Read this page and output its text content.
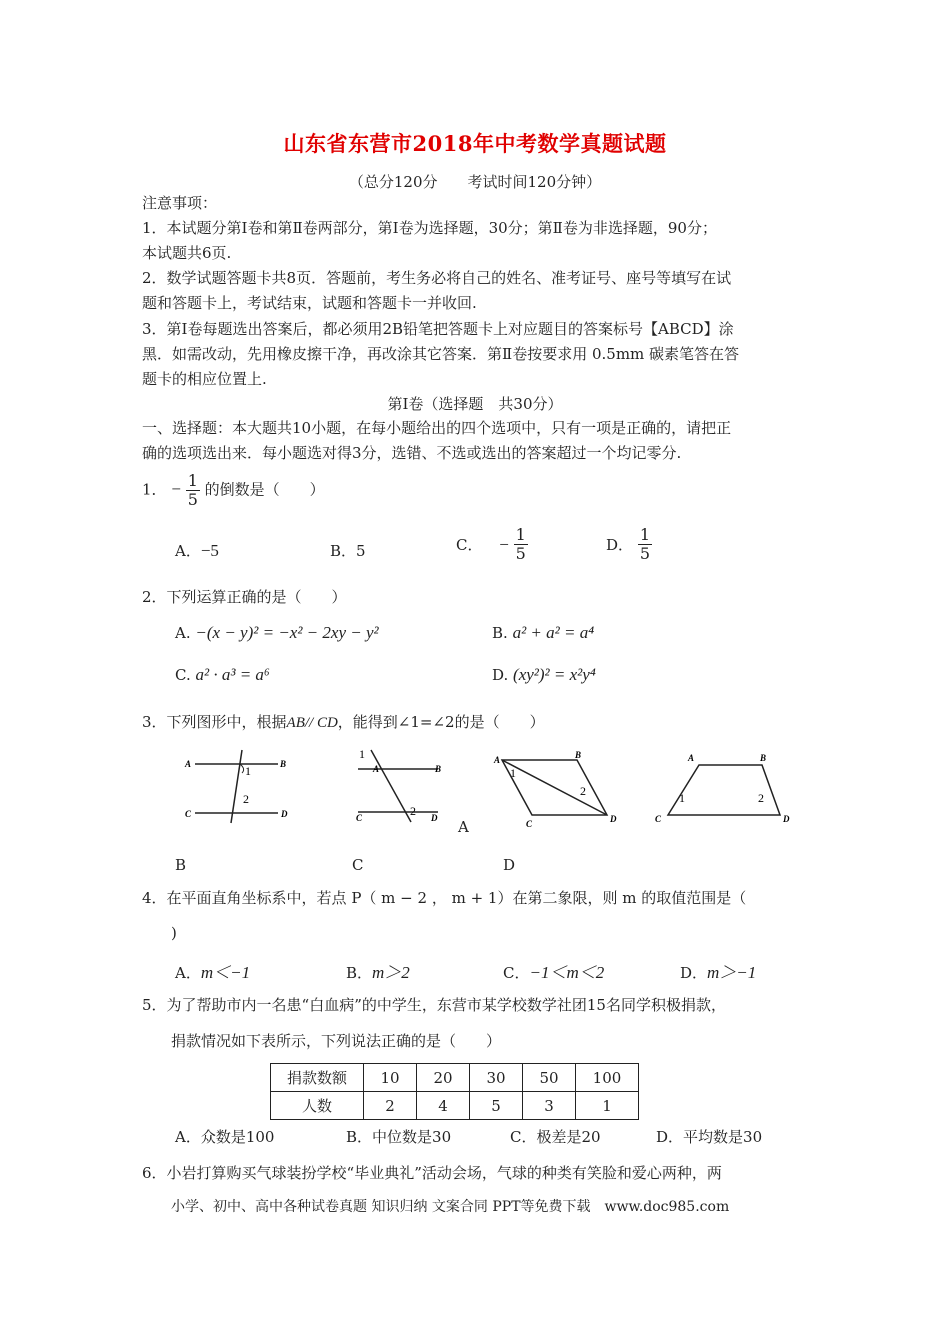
山东省东营市2018年中考数学真题试题
（总分120分　　考试时间120分钟）
注意事项：
1．本试题分第Ⅰ卷和第Ⅱ卷两部分，第Ⅰ卷为选择题，30分；第Ⅱ卷为非选择题，90分；
本试题共6页.
2．数学试题答题卡共8页．答题前，考生务必将自己的姓名、准考证号、座号等填写在试
题和答题卡上，考试结束，试题和答题卡一并收回.
3．第Ⅰ卷每题选出答案后，都必须用2B铅笔把答题卡上对应题目的答案标号【ABCD】涂
黑．如需改动，先用橡皮擦干净，再改涂其它答案．第Ⅱ卷按要求用 0.5mm 碳素笔答在答
题卡的相应位置上.
第Ⅰ卷（选择题　共30分）
一、选择题：本大题共10小题，在每小题给出的四个选项中，只有一项是正确的，请把正
确的选项选出来．每小题选对得3分，选错、不选或选出的答案超过一个均记零分.
1． − $\frac{1}{5}$ 的倒数是（　　）
A．−5	B．5	C． − $\frac{1}{5}$	D． $\frac{1}{5}$
2．下列运算正确的是（　　）
A. −(x − y)² = −x² − 2xy − y²	B. a² + a² = a⁴
C. a² · a³ = a⁶	D. (xy²)² = x²y⁴
3．下列图形中，根据AB// CD，能得到∠1=∠2的是（　　）
A	B
C	D
1
2
1
A	B
C	2 D
A	B
C	D
1
2
A	B
C
1	2
D
A
B	C	D
4．在平面直角坐标系中，若点 P（ m − 2 ， m + 1）在第二象限，则 m 的取值范围是（
)
A．m＜−1	B．m＞2	C．−1＜m＜2	D．m＞−1
5．为了帮助市内一名患“白血病”的中学生，东营市某学校数学社团15名同学积极捐款，
捐款情况如下表所示，下列说法正确的是（　　）
捐款数额	10	20	30	50	100
人数	2	4	5	3	1
A．众数是100	B．中位数是30	C．极差是20	D．平均数是30
6．小岩打算购买气球装扮学校“毕业典礼”活动会场，气球的种类有笑脸和爱心两种，两
小学、初中、高中各种试卷真题 知识归纳 文案合同 PPT等免费下载　www.doc985.com
